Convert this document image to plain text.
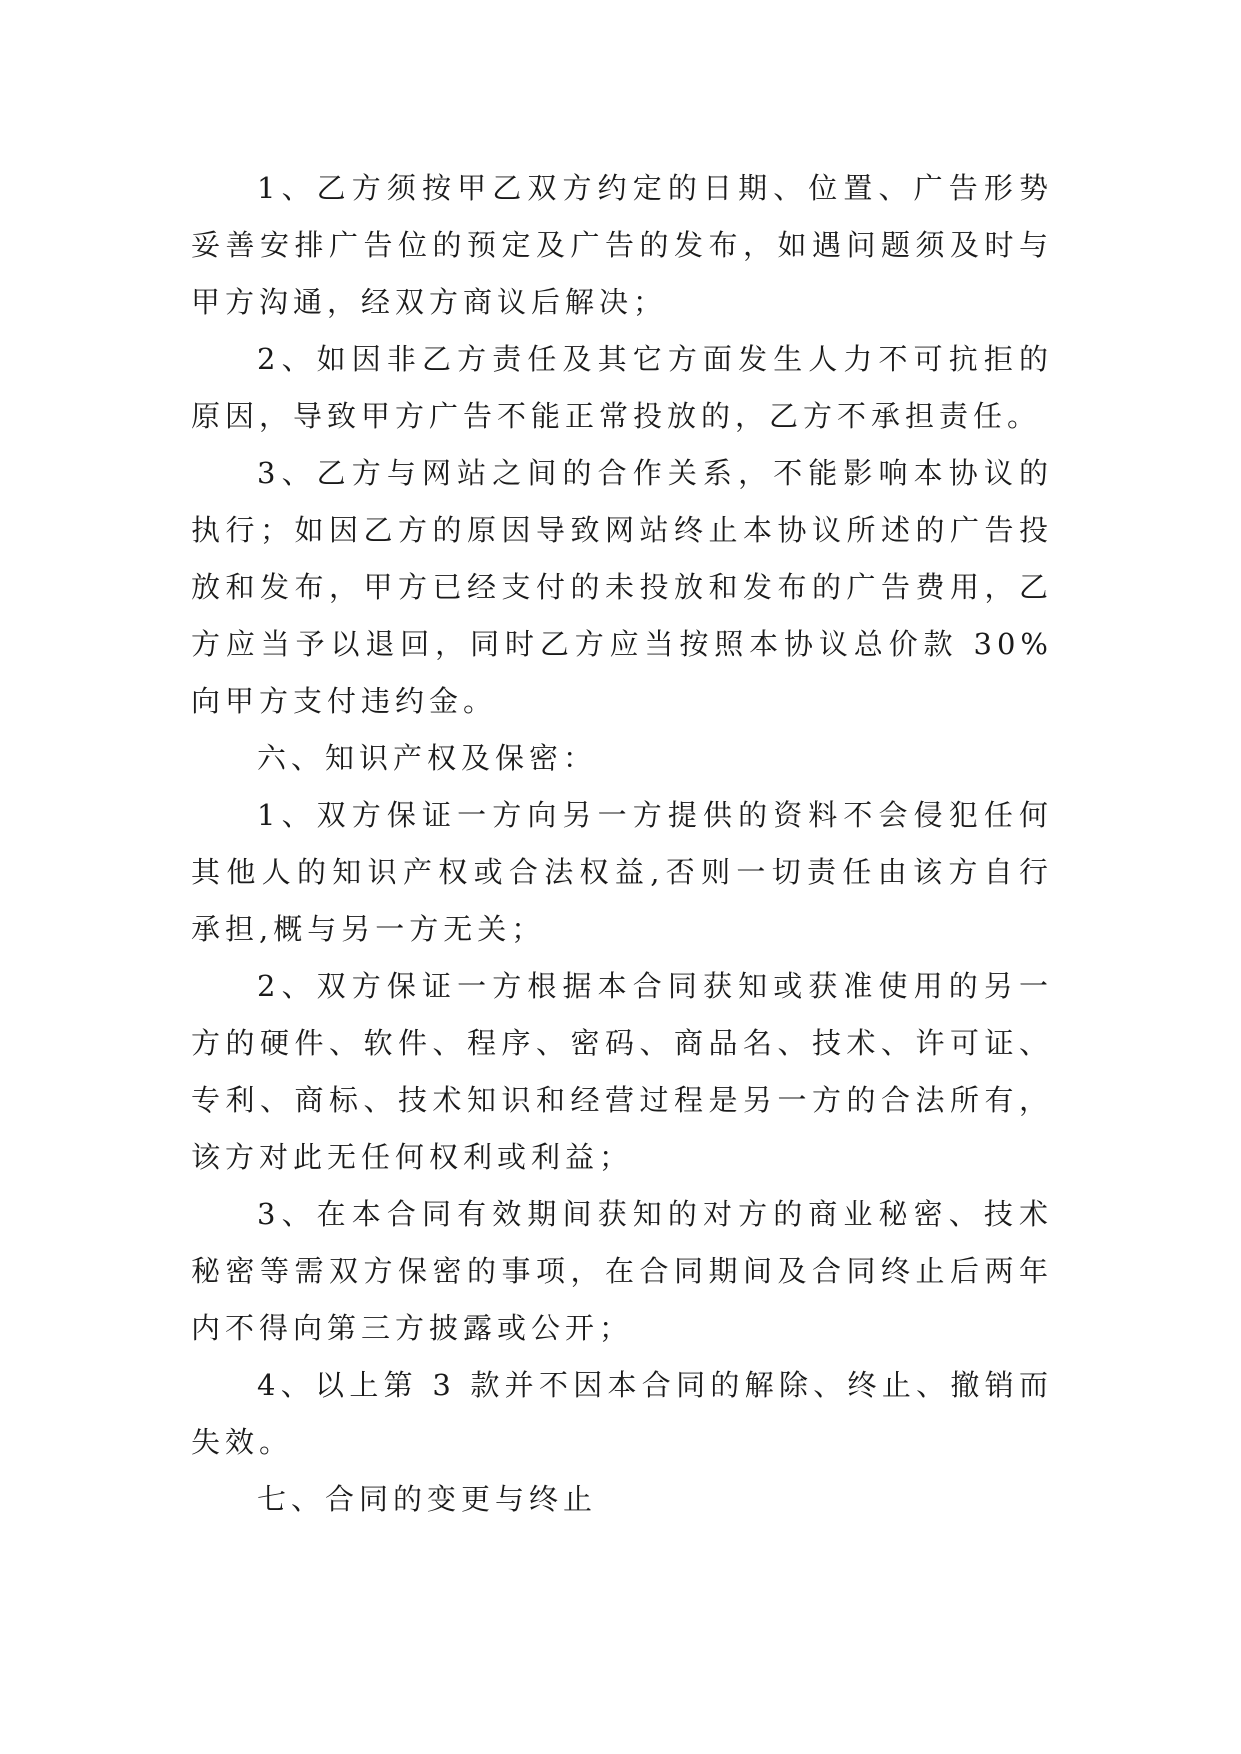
1、乙方须按甲乙双方约定的日期、位置、广告形势妥善安排广告位的预定及广告的发布，如遇问题须及时与甲方沟通，经双方商议后解决；

2、如因非乙方责任及其它方面发生人力不可抗拒的原因，导致甲方广告不能正常投放的，乙方不承担责任。

3、乙方与网站之间的合作关系，不能影响本协议的执行；如因乙方的原因导致网站终止本协议所述的广告投放和发布，甲方已经支付的未投放和发布的广告费用，乙方应当予以退回，同时乙方应当按照本协议总价款 30%向甲方支付违约金。

六、知识产权及保密：

1、双方保证一方向另一方提供的资料不会侵犯任何其他人的知识产权或合法权益,否则一切责任由该方自行承担,概与另一方无关；

2、双方保证一方根据本合同获知或获准使用的另一方的硬件、软件、程序、密码、商品名、技术、许可证、专利、商标、技术知识和经营过程是另一方的合法所有，该方对此无任何权利或利益；

3、在本合同有效期间获知的对方的商业秘密、技术秘密等需双方保密的事项，在合同期间及合同终止后两年内不得向第三方披露或公开；

4、以上第 3 款并不因本合同的解除、终止、撤销而失效。

七、合同的变更与终止
